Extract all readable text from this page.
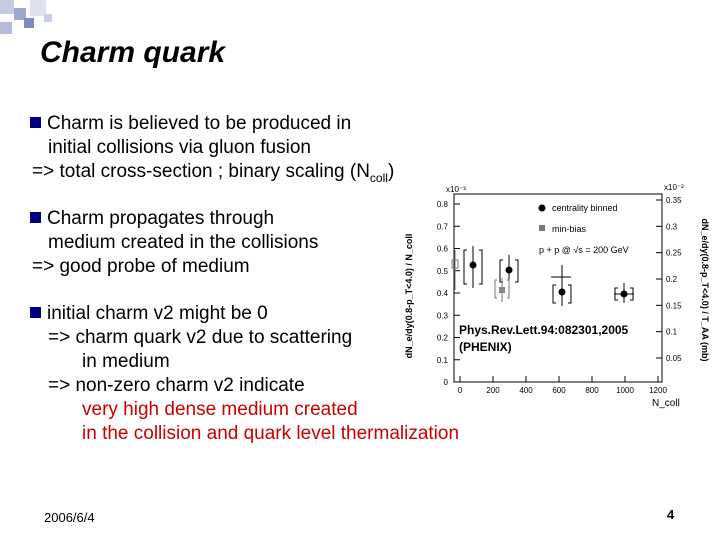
Charm quark
Charm is believed to be produced in
initial collisions via gluon fusion
=> total cross-section ; binary scaling $(N_{coll})$
Charm propagates through
medium created in the collisions
=> good probe of medium
initial charm v2 might be 0
=> charm quark v2 due to scattering
in medium
=> non-zero charm v2 indicate
very high dense medium created
in the collision and quark level thermalization
dN_e/dy(0.8-p_T<4.0) / N_coll	dN_e/dy(0.8-p_T<4.0) / T_AA (mb)
x10⁻³	x10⁻²
0.8
0.7
0.6
0.5
0.4
0.3
0.2
0.1
0
0.35
0.3
0.25
0.2
0.15
0.1
0.05
0	200 400 600 800 1000 1200
centrality binned
min-bias
p + p @ √s = 200 GeV
N_coll
Phys.Rev.Lett.94:082301,2005
(PHENIX)
2006/6/4	4
